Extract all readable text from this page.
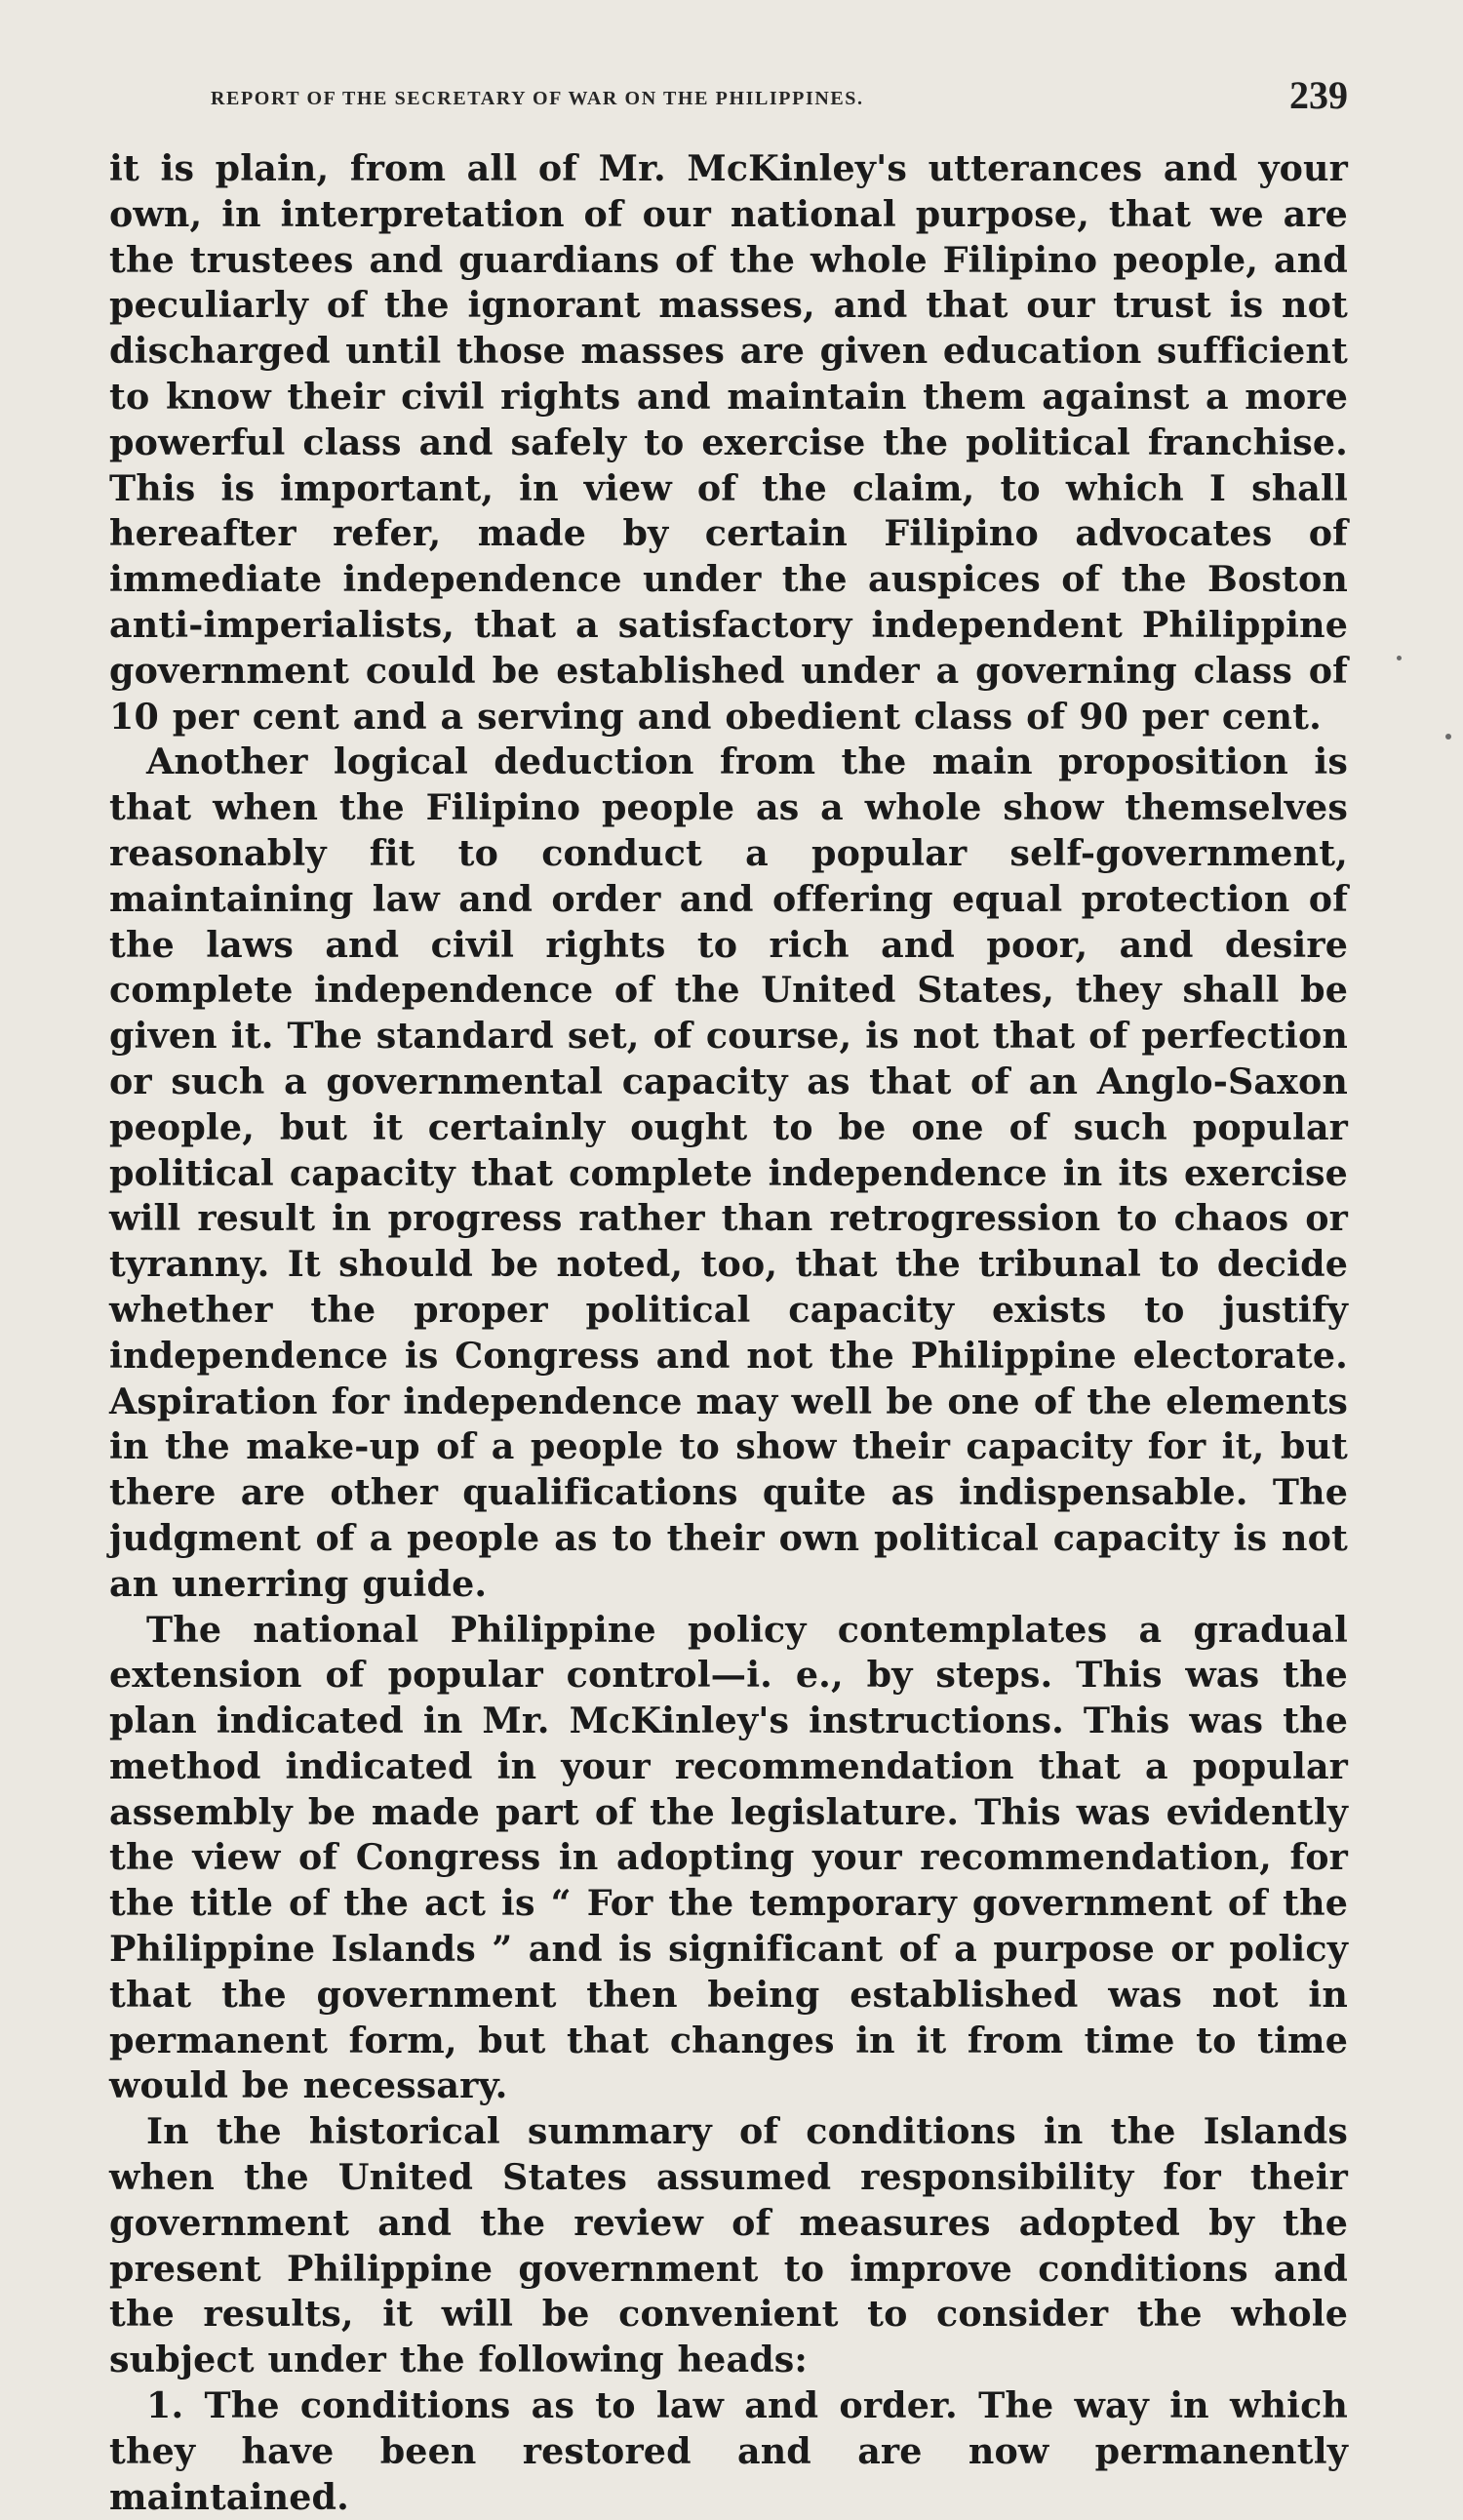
REPORT OF THE SECRETARY OF WAR ON THE PHILIPPINES.	239

it is plain, from all of Mr. McKinley's utterances and your own, in interpretation of our national purpose, that we are the trustees and guardians of the whole Filipino people, and peculiarly of the ignorant masses, and that our trust is not discharged until those masses are given education sufficient to know their civil rights and maintain them against a more powerful class and safely to exercise the political franchise. This is important, in view of the claim, to which I shall hereafter refer, made by certain Filipino advocates of immediate independence under the auspices of the Boston anti-imperialists, that a satisfactory independent Philippine government could be established under a governing class of 10 per cent and a serving and obedient class of 90 per cent.

Another logical deduction from the main proposition is that when the Filipino people as a whole show themselves reasonably fit to conduct a popular self-government, maintaining law and order and offering equal protection of the laws and civil rights to rich and poor, and desire complete independence of the United States, they shall be given it. The standard set, of course, is not that of perfection or such a governmental capacity as that of an Anglo-Saxon people, but it certainly ought to be one of such popular political capacity that complete independence in its exercise will result in progress rather than retrogression to chaos or tyranny. It should be noted, too, that the tribunal to decide whether the proper political capacity exists to justify independence is Congress and not the Philippine electorate. Aspiration for independence may well be one of the elements in the make-up of a people to show their capacity for it, but there are other qualifications quite as indispensable. The judgment of a people as to their own political capacity is not an unerring guide.

The national Philippine policy contemplates a gradual extension of popular control—i. e., by steps. This was the plan indicated in Mr. McKinley's instructions. This was the method indicated in your recommendation that a popular assembly be made part of the legislature. This was evidently the view of Congress in adopting your recommendation, for the title of the act is “ For the temporary government of the Philippine Islands ” and is significant of a purpose or policy that the government then being established was not in permanent form, but that changes in it from time to time would be necessary.

In the historical summary of conditions in the Islands when the United States assumed responsibility for their government and the review of measures adopted by the present Philippine government to improve conditions and the results, it will be convenient to consider the whole subject under the following heads:

1. The conditions as to law and order. The way in which they have been restored and are now permanently maintained.
